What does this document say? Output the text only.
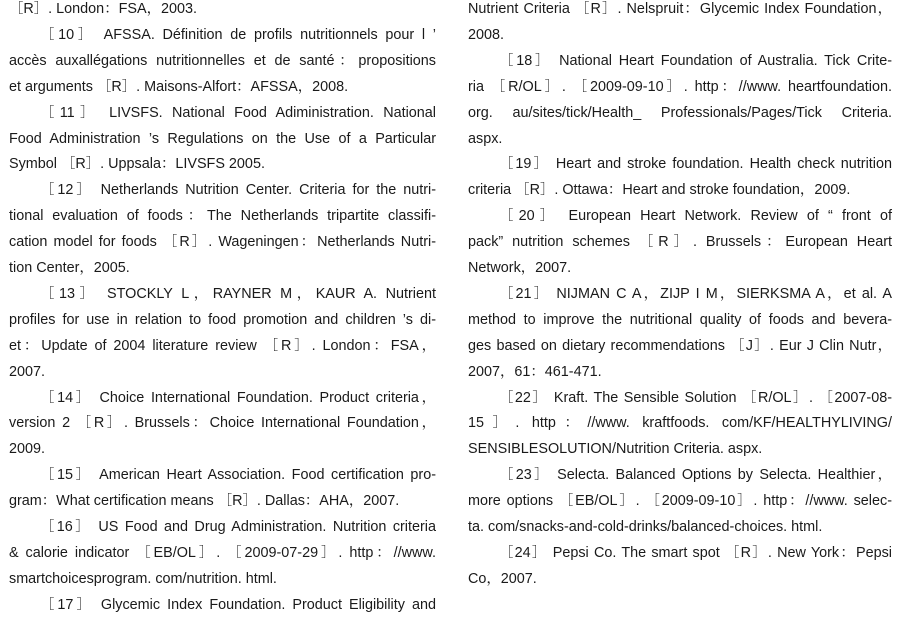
［R］. London：FSA，2003.
［10］ AFSSA. Définition de profils nutritionnels pour l ’
accès auxallégations nutritionnelles et de santé：propositions
et arguments ［R］. Maisons-Alfort：AFSSA，2008.
［11］ LIVSFS. National Food Adiministration. National
Food Administration ’s Regulations on the Use of a Particular
Symbol ［R］. Uppsala：LIVSFS 2005.
［12］ Netherlands Nutrition Center. Criteria for the nutri-
tional evaluation of foods：The Netherlands tripartite classifi-
cation model for foods ［R］. Wageningen：Netherlands Nutri-
tion Center，2005.
［13］ STOCKLY L，RAYNER M，KAUR A. Nutrient
profiles for use in relation to food promotion and children ’s di-
et：Update of 2004 literature review ［R］. London：FSA，
2007.
［14］ Choice International Foundation. Product criteria，
version 2 ［R］. Brussels：Choice International Foundation，
2009.
［15］ American Heart Association. Food certification pro-
gram：What certification means ［R］. Dallas：AHA，2007.
［16］ US Food and Drug Administration. Nutrition criteria
& calorie indicator ［EB/OL］. ［2009-07-29］. http：//www.
smartchoicesprogram. com/nutrition. html.
［17］ Glycemic Index Foundation. Product Eligibility and
Nutrient Criteria ［R］. Nelspruit：Glycemic Index Foundation，
2008.
［18］ National Heart Foundation of Australia. Tick Crite-
ria ［R/OL］. ［2009-09-10］. http：//www. heartfoundation.
org. au/sites/tick/Health_ Professionals/Pages/Tick Criteria.
aspx.
［19］ Heart and stroke foundation. Health check nutrition
criteria ［R］. Ottawa：Heart and stroke foundation，2009.
［20］ European Heart Network. Review of “ front of
pack” nutrition schemes ［R］. Brussels：European Heart
Network，2007.
［21］ NIJMAN C A，ZIJP I M，SIERKSMA A，et al. A
method to improve the nutritional quality of foods and bevera-
ges based on dietary recommendations ［J］. Eur J Clin Nutr，
2007，61：461-471.
［22］ Kraft. The Sensible Solution ［R/OL］. ［2007-08-
15］. http：//www. kraftfoods. com/KF/HEALTHYLIVING/
SENSIBLESOLUTION/Nutrition Criteria. aspx.
［23］ Selecta. Balanced Options by Selecta. Healthier，
more options ［EB/OL］. ［2009-09-10］. http：//www. selec-
ta. com/snacks-and-cold-drinks/balanced-choices. html.
［24］ Pepsi Co. The smart spot ［R］. New York：Pepsi
Co，2007.
